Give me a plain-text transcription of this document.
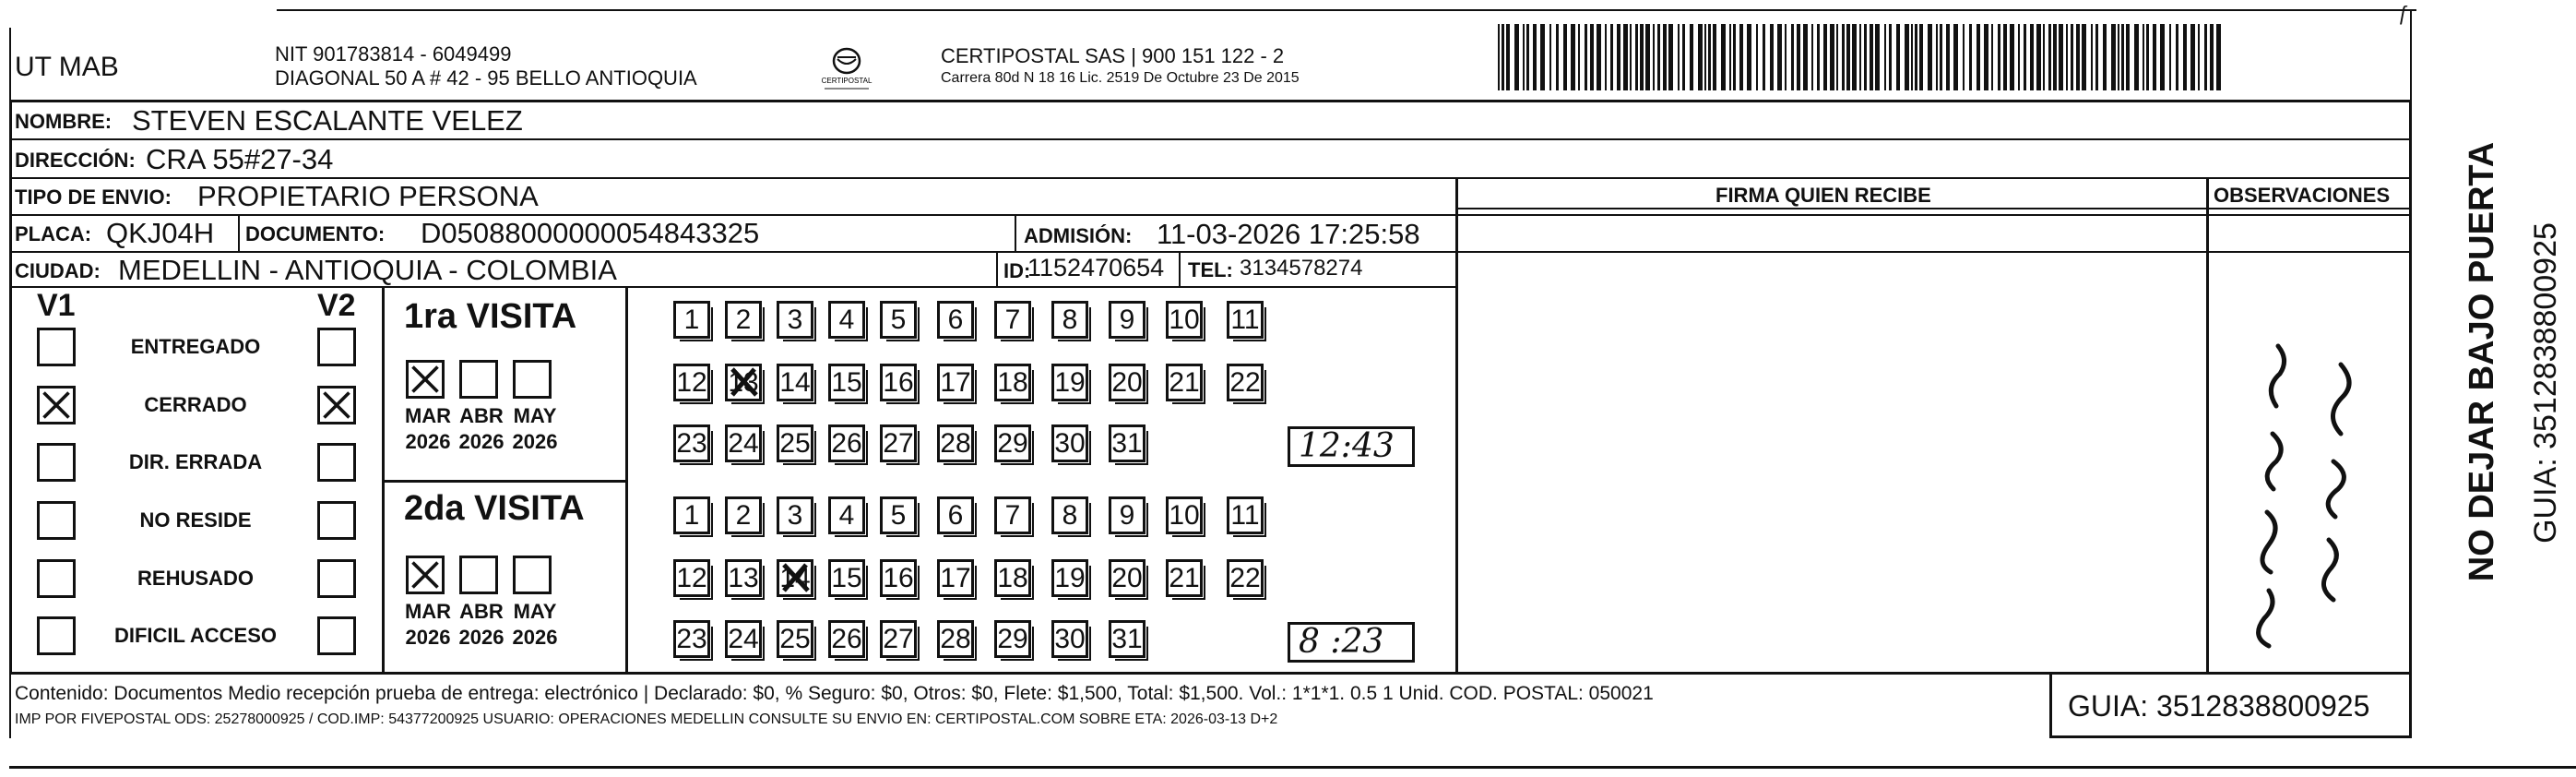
UT MAB	NIT 901783814 - 6049499
DIAGONAL 50 A # 42 - 95 BELLO ANTIOQUIA	CERTIPOSTAL
CERTIPOSTAL SAS | 900 151 122 - 2
Carrera 80d N 18 16 Lic. 2519 De Octubre 23 De 2015
ƒ
NOMBRE: STEVEN ESCALANTE VELEZ
DIRECCIÓN: CRA 55#27-34
TIPO DE ENVIO: PROPIETARIO PERSONA	FIRMA QUIEN RECIBE	OBSERVACIONES
PLACA: QKJ04H DOCUMENTO: D05088000000054843325	ADMISIÓN: 11-03-2026 17:25:58
CIUDAD: MEDELLIN - ANTIOQUIA - COLOMBIA	ID:
1152470654 TEL: 3134578274
V1	V2
ENTREGADO
CERRADO
DIR. ERRADA
NO RESIDE
REHUSADO
DIFICIL ACCESO
1ra VISITA
2da VISITA
MAR
2026
ABR
2026
MAY
2026
1	2	3	4	5	6	7	8	9	10 11
12 13 14 15 16 17 18 19 20 21 22
23 24 25 26 27 28 29 30 31	12:43
MAR
2026
ABR
2026
MAY
2026
1	2	3	4	5	6	7	8	9	10 11
12 13 14 15 16 17 18 19 20 21 22
23 24 25 26 27 28 29 30 31	8 :23
NO DEJAR BAJO PUERTA GUIA: 3512838800925
Contenido: Documentos Medio recepción prueba de entrega: electrónico | Declarado: $0, % Seguro: $0, Otros: $0, Flete: $1,500, Total: $1,500. Vol.: 1*1*1. 0.5 1 Unid. COD. POSTAL: 050021
IMP POR FIVEPOSTAL ODS: 25278000925 / COD.IMP: 54377200925 USUARIO: OPERACIONES MEDELLIN CONSULTE SU ENVIO EN: CERTIPOSTAL.COM SOBRE ETA: 2026-03-13 D+2	GUIA: 3512838800925
